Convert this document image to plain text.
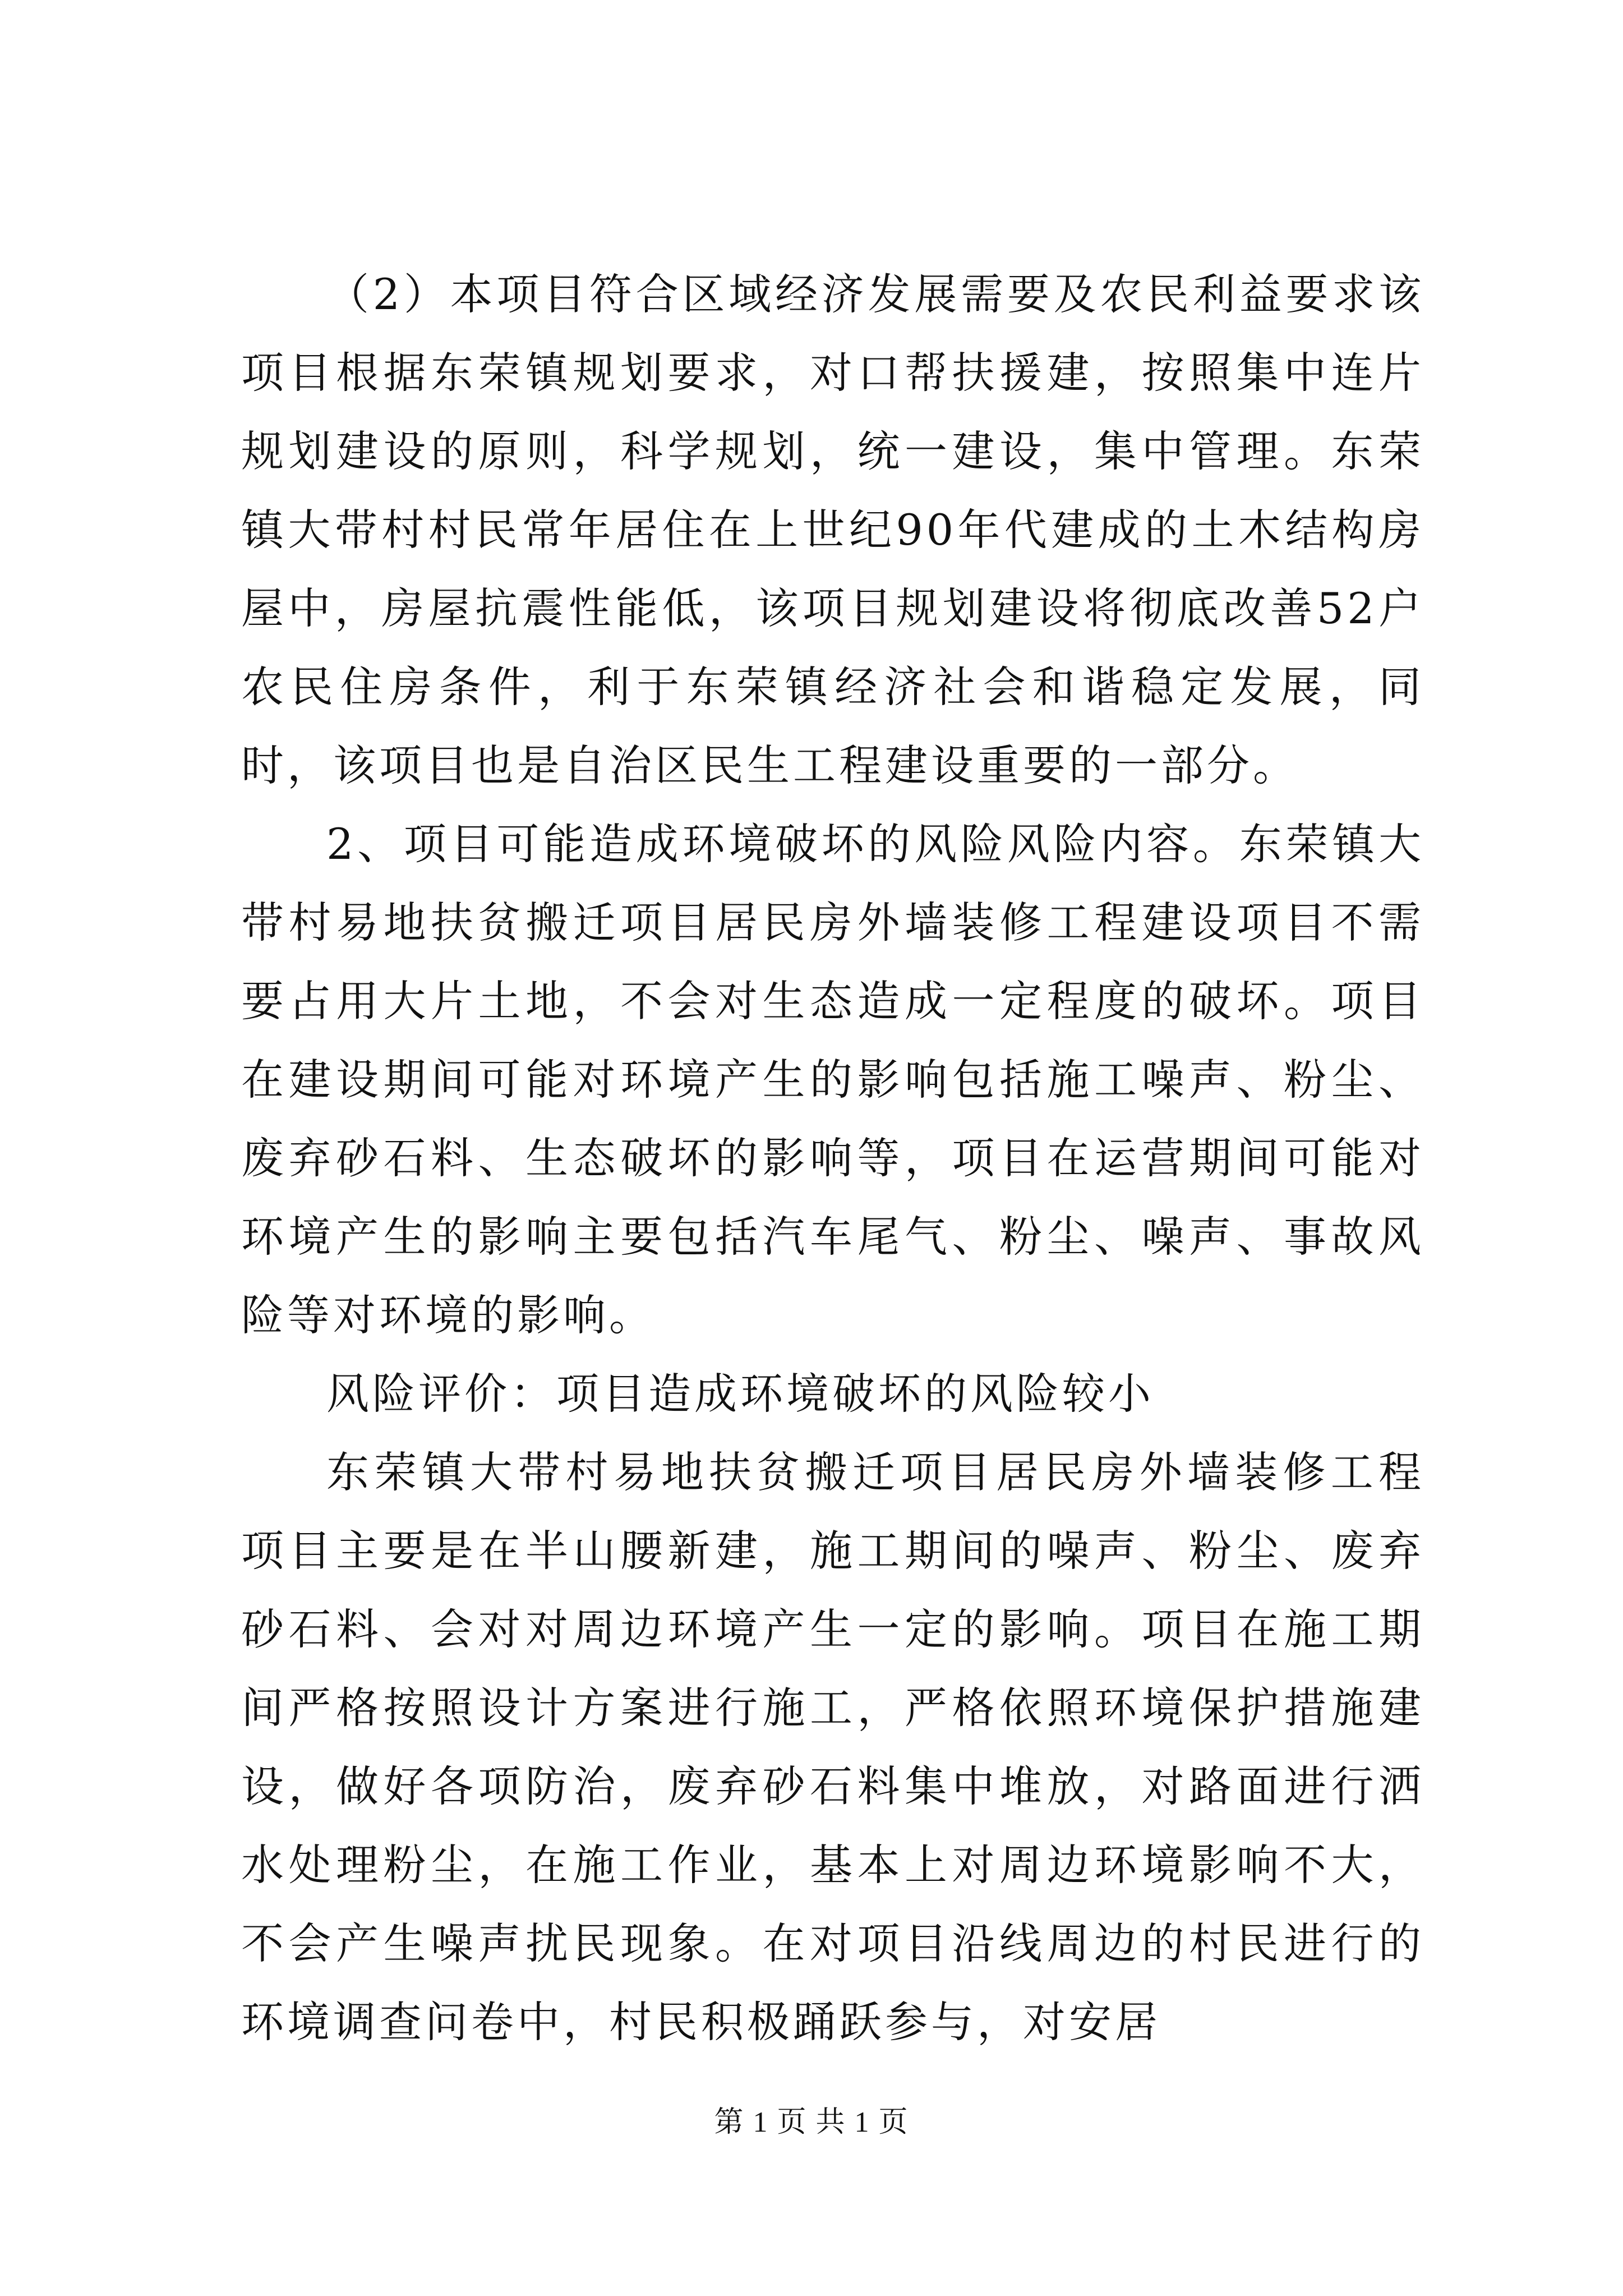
（2）本项目符合区域经济发展需要及农民利益要求该项目根据东荣镇规划要求，对口帮扶援建，按照集中连片规划建设的原则，科学规划，统一建设，集中管理。东荣镇大带村村民常年居住在上世纪90年代建成的土木结构房屋中，房屋抗震性能低，该项目规划建设将彻底改善52户农民住房条件，利于东荣镇经济社会和谐稳定发展，同时，该项目也是自治区民生工程建设重要的一部分。

2、项目可能造成环境破坏的风险风险内容。东荣镇大带村易地扶贫搬迁项目居民房外墙装修工程建设项目不需要占用大片土地，不会对生态造成一定程度的破坏。项目在建设期间可能对环境产生的影响包括施工噪声、粉尘、废弃砂石料、生态破坏的影响等，项目在运营期间可能对环境产生的影响主要包括汽车尾气、粉尘、噪声、事故风险等对环境的影响。

风险评价：项目造成环境破坏的风险较小

东荣镇大带村易地扶贫搬迁项目居民房外墙装修工程项目主要是在半山腰新建，施工期间的噪声、粉尘、废弃砂石料、会对对周边环境产生一定的影响。项目在施工期间严格按照设计方案进行施工，严格依照环境保护措施建设，做好各项防治，废弃砂石料集中堆放，对路面进行洒水处理粉尘，在施工作业，基本上对周边环境影响不大，不会产生噪声扰民现象。在对项目沿线周边的村民进行的环境调查问卷中，村民积极踊跃参与，对安居

第 1 页 共 1 页
